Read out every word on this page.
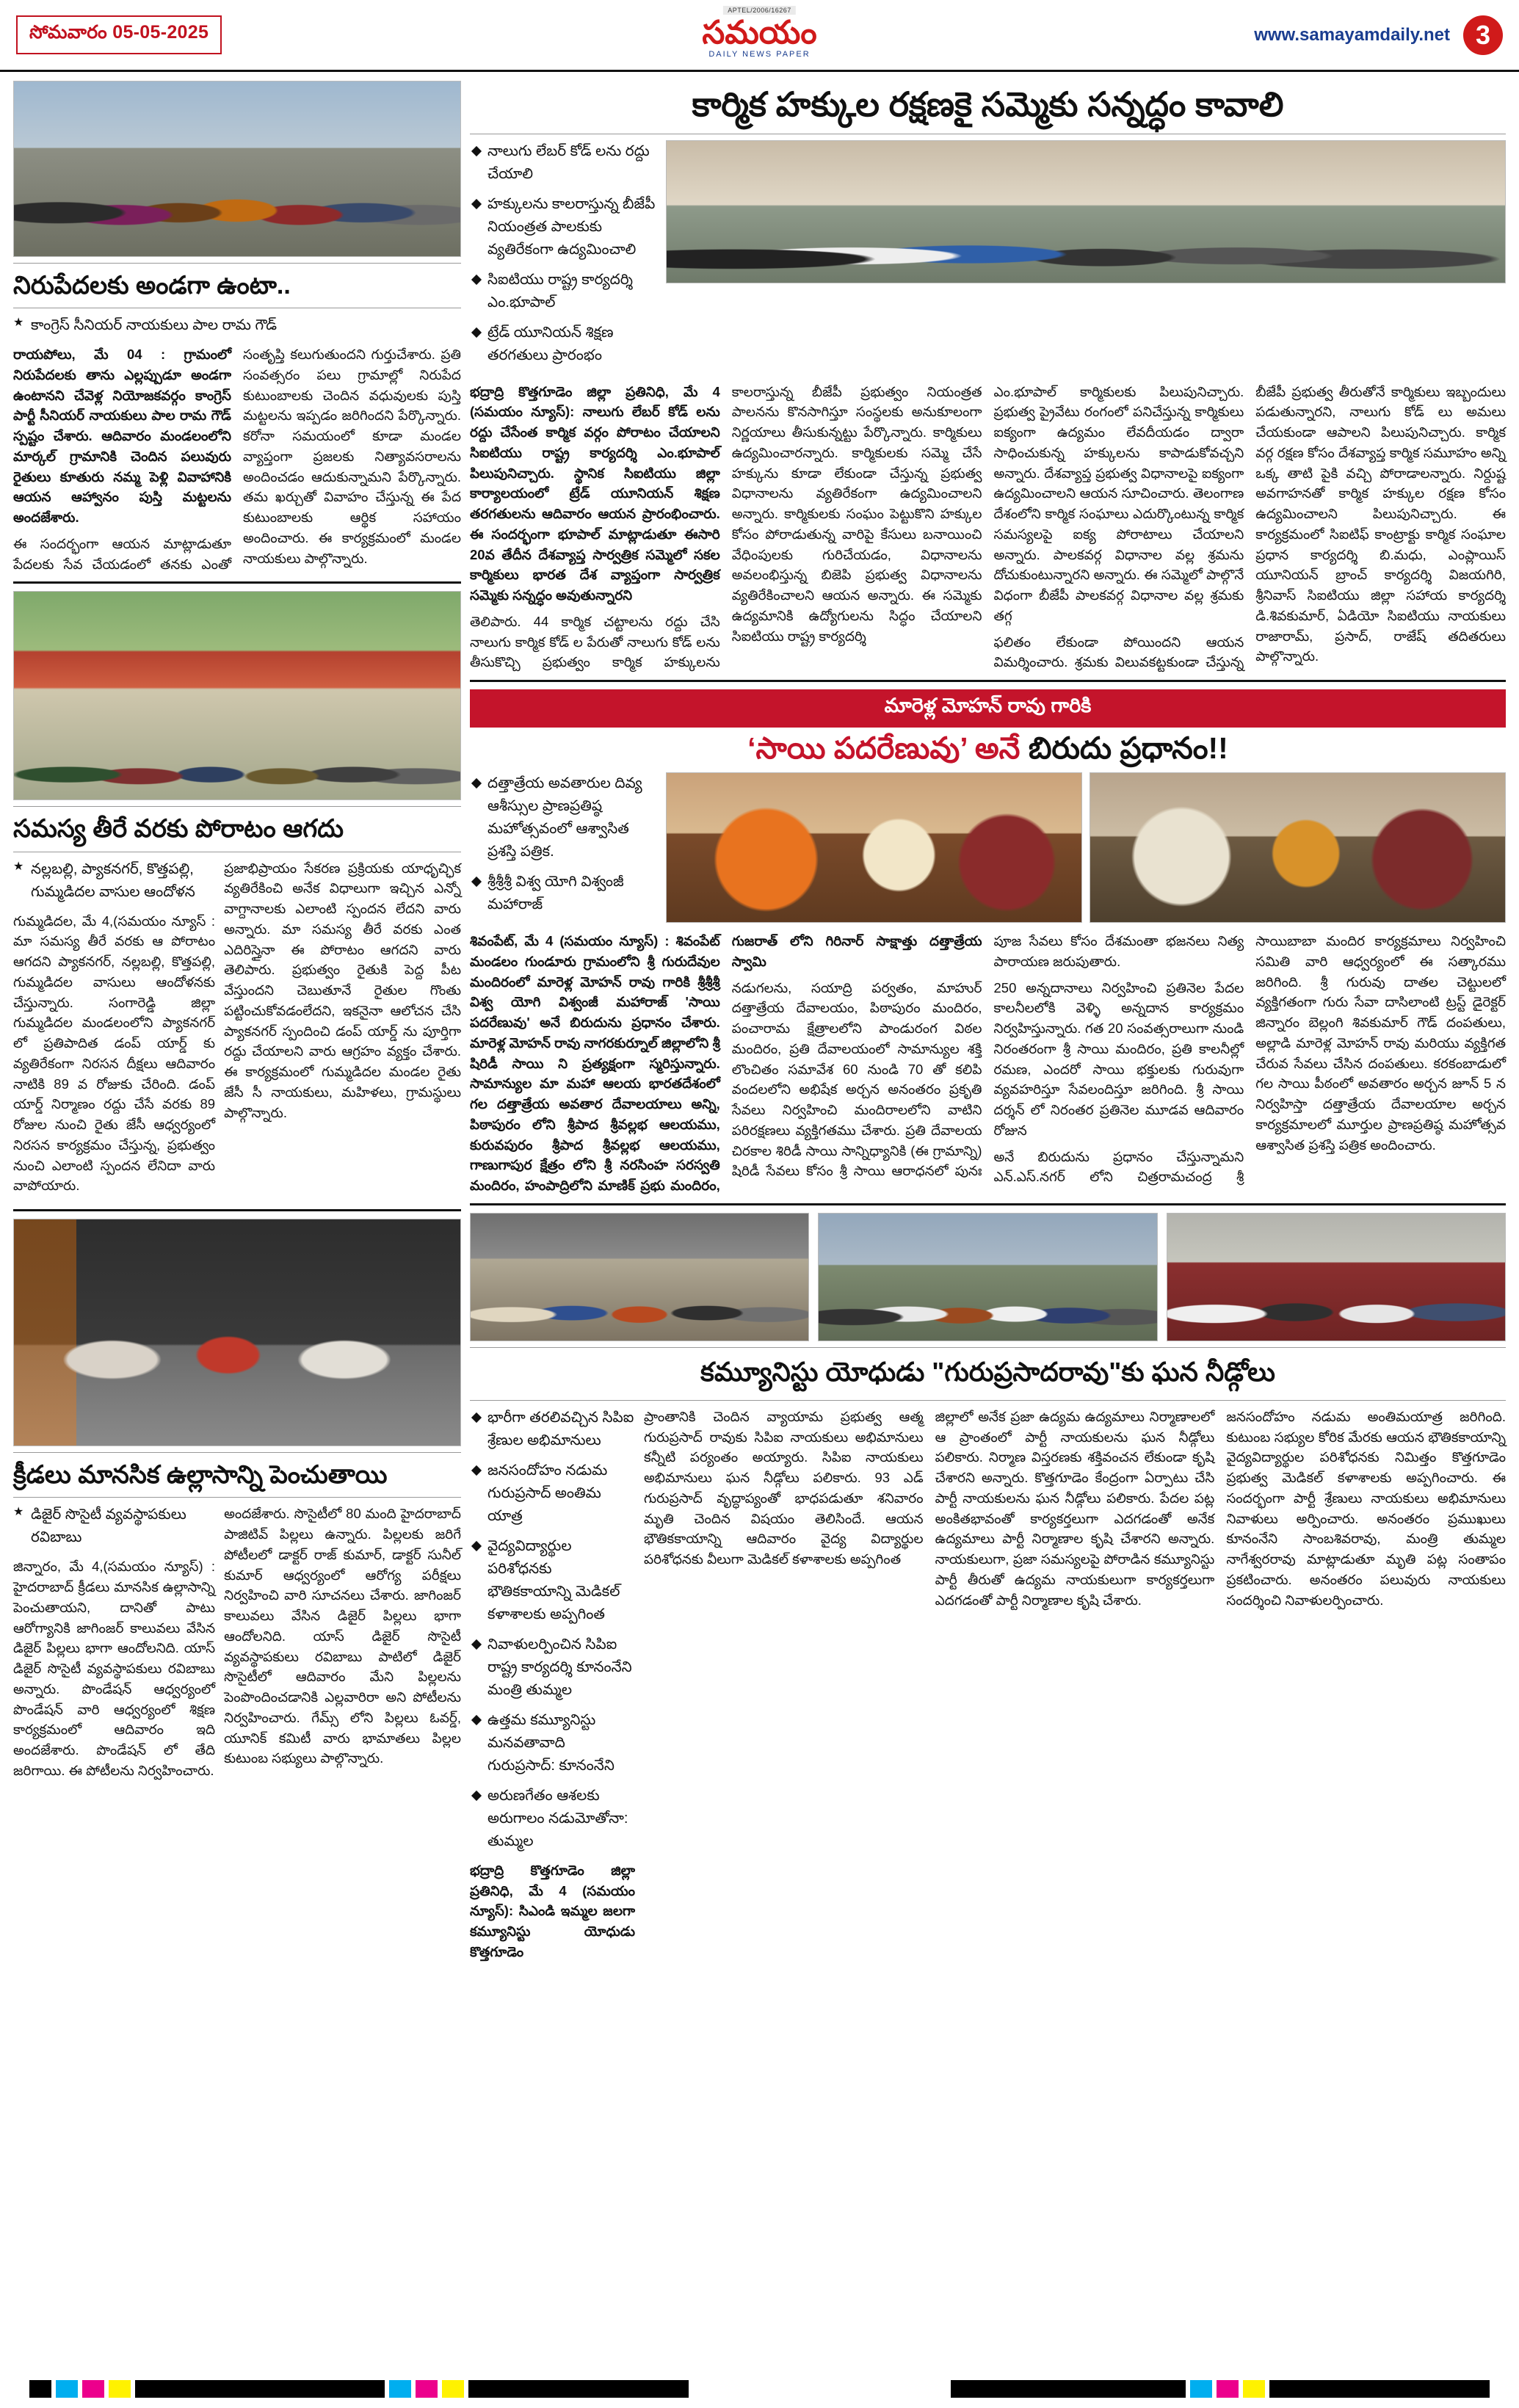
సోమవారం 05-05-2025
APTEL/2006/16267
సమయం
DAILY NEWS PAPER
www.samayamdaily.net 3
నిరుపేదలకు అండగా ఉంటా..
★ కాంగ్రెస్ సీనియర్ నాయకులు పాల రామ గౌడ్

రాయపోలు, మే 04 : గ్రామంలో నిరుపేదలకు తాను ఎల్లప్పుడూ అండగా ఉంటానని చేవెళ్ల నియోజకవర్గం కాంగ్రెస్ పార్టీ సీనియర్ నాయకులు పాల రామ గౌడ్ స్పష్టం చేశారు. ఆదివారం మండలంలోని మార్కల్ గ్రామానికి చెందిన పలువురు రైతులు కూతురు నమ్మ పెళ్లి వివాహానికి ఆయన ఆహ్వానం పుస్తి మట్టలను అందజేశారు.

ఈ సందర్భంగా ఆయన మాట్లాడుతూ పేదలకు సేవ చేయడంలో తనకు ఎంతో సంతృప్తి కలుగుతుందని గుర్తుచేశారు. ప్రతి సంవత్సరం పలు గ్రామాల్లో నిరుపేద కుటుంబాలకు చెందిన వధువులకు పుస్తి మట్టలను ఇప్పడం జరిగిందని పేర్కొన్నారు. కరోనా సమయంలో కూడా మండల వ్యాప్తంగా ప్రజలకు నిత్యావసరాలను అందించడం ఆదుకున్నామని పేర్కొన్నారు. తమ ఖర్చుతో వివాహం చేస్తున్న ఈ పేద కుటుంబాలకు ఆర్థిక సహాయం అందించారు. ఈ కార్యక్రమంలో మండల నాయకులు పాల్గొన్నారు.

సమస్య తీరే వరకు పోరాటం ఆగదు
★ నల్లబల్లి, ప్యాకనగర్, కొత్తపల్లి, గుమ్మడిదల వాసుల ఆందోళన

గుమ్మడిదల, మే 4,(సమయం న్యూస్ : మా సమస్య తీరే వరకు ఆ పోరాటం ఆగదని ప్యాకనగర్, నల్లబల్లి, కొత్తపల్లి, గుమ్మడిదల వాసులు ఆందోళనకు చేస్తున్నారు. సంగారెడ్డి జిల్లా గుమ్మడిదల మండలంలోని ప్యాకనగర్ లో ప్రతిపాదిత డంప్ యార్డ్ కు వ్యతిరేకంగా నిరసన దీక్షలు ఆదివారం నాటికి 89 వ రోజుకు చేరింది. డంప్ యార్డ్ నిర్మాణం రద్దు చేసే వరకు 89 రోజుల నుంచి రైతు జేసీ ఆధ్వర్యంలో నిరసన కార్యక్రమం చేస్తున్న, ప్రభుత్వం నుంచి ఎలాంటి స్పందన లేనిదా వారు వాపోయారు.

ప్రజాభిప్రాయం సేకరణ ప్రక్రియకు యాధృచ్ఛిక వ్యతిరేకించి అనేక విధాలుగా ఇచ్చిన ఎన్నో వాగ్దానాలకు ఎలాంటి స్పందన లేదని వారు అన్నారు. మా సమస్య తీరే వరకు ఎంత ఎదిరిస్తైనా ఈ పోరాటం ఆగదని వారు తెలిపారు. ప్రభుత్వం రైతుకి పెద్ద పీట వేస్తుందని చెబుతూనే రైతుల గొంతు పట్టించుకోవడంలేదని, ఇకనైనా ఆలోచన చేసి ప్యాకనగర్ స్పందించి డంప్ యార్డ్ ను పూర్తిగా రద్దు చేయాలని వారు ఆగ్రహం వ్యక్తం చేశారు. ఈ కార్యక్రమంలో గుమ్మడిదల మండల రైతు జేసీ సీ నాయకులు, మహిళలు, గ్రామస్థులు పాల్గొన్నారు.

క్రీడలు మానసిక ఉల్లాసాన్ని పెంచుతాయి
★ డిజైర్ సొసైటీ వ్యవస్థాపకులు రవిబాబు

జిన్నారం, మే 4,(సమయం న్యూస్) : హైదరాబాద్ క్రీడలు మానసిక ఉల్లాసాన్ని పెంచుతాయని, దానితో పాటు ఆరోగ్యానికి జాగింజర్ కాలువలు వేసిన డిజైర్ పిల్లలు భాగా ఆందోలనిది. యాస్ డిజైర్ సొసైటీ వ్యవస్థాపకులు రవిబాబు అన్నారు. పొండేషన్ ఆధ్వర్యంలో పొండేషన్ వారి ఆధ్వర్యంలో శిక్షణ కార్యక్రమంలో ఆదివారం ఇది అందజేశారు. పొండేషన్ లో తేది జరిగాయి. ఈ పోటీలను నిర్వహించారు.

అందజేశారు. సొసైటీలో 80 మంది హైదరాబాద్ పాజిటివ్ పిల్లలు ఉన్నారు. పిల్లలకు జరిగే పోటీలలో డాక్టర్ రాజ్ కుమార్, డాక్టర్ సునీల్ కుమార్ ఆధ్వర్యంలో ఆరోగ్య పరీక్షలు నిర్వహించి వారి సూచనలు చేశారు. జాగింజర్ కాలువలు వేసిన డిజైర్ పిల్లలు భాగా ఆందోలనిది. యాస్ డిజైర్ సొసైటీ వ్యవస్థాపకులు రవిబాబు పాటిలో డిజైర్ సొసైటీలో ఆదివారం మేని పిల్లలను పెంపొందించడానికి ఎల్లవారిరా అని పోటీలను నిర్వహించారు. గేమ్స్ లోని పిల్లలు ఓవర్డ్, యూనిక్ కమిటీ వారు భామాతలు పిల్లల కుటుంబ సభ్యులు పాల్గొన్నారు.

కార్మిక హక్కుల రక్షణకై సమ్మెకు సన్నద్ధం కావాలి
నాలుగు లేబర్ కోడ్ లను రద్దు చేయాలి
హక్కులను కాలరాస్తున్న బీజేపీ నియంత్రత పాలకుకు వ్యతిరేకంగా ఉద్యమించాలి
సిఐటియు రాష్ట్ర కార్యదర్శి ఎం.భూపాల్
ట్రేడ్ యూనియన్ శిక్షణ తరగతులు ప్రారంభం

భద్రాద్రి కొత్తగూడెం జిల్లా ప్రతినిధి, మే 4 (సమయం న్యూస్): నాలుగు లేబర్ కోడ్ లను రద్దు చేసేంత కార్మిక వర్గం పోరాటం చేయాలని సిఐటియు రాష్ట్ర కార్యదర్శి ఎం.భూపాల్ పిలుపునిచ్చారు. స్థానిక సిఐటియు జిల్లా కార్యాలయంలో ట్రేడ్ యూనియన్ శిక్షణ తరగతులను ఆదివారం ఆయన ప్రారంభించారు. ఈ సందర్భంగా భూపాల్ మాట్లాడుతూ ఈసారి 20వ తేదీన దేశవ్యాప్త సార్వత్రిక సమ్మెలో సకల కార్మికులు భారత దేశ వ్యాప్తంగా సార్వత్రిక సమ్మెకు సన్నద్ధం అవుతున్నారని

తెలిపారు. 44 కార్మిక చట్టాలను రద్దు చేసి నాలుగు కార్మిక కోడ్ ల పేరుతో నాలుగు కోడ్ లను తీసుకొచ్చి ప్రభుత్వం కార్మిక హక్కులను కాలరాస్తున్న బీజేపీ ప్రభుత్వం నియంత్రత పాలనను కొనసాగిస్తూ సంస్థలకు అనుకూలంగా నిర్ణయాలు తీసుకున్నట్టు పేర్కొన్నారు. కార్మికులు ఉద్యమించారన్నారు. కార్మికులకు సమ్మె చేసే హక్కును కూడా లేకుండా చేస్తున్న ప్రభుత్వ విధానాలను వ్యతిరేకంగా ఉద్యమించాలని అన్నారు. కార్మికులకు సంఘం పెట్టుకొని హక్కుల కోసం పోరాడుతున్న వారిపై కేసులు బనాయించి వేధింపులకు గురిచేయడం, విధానాలను అవలంభిస్తున్న బిజెపి ప్రభుత్వ విధానాలను వ్యతిరేకించాలని ఆయన అన్నారు. ఈ సమ్మెకు ఉద్యమానికి ఉద్యోగులను సిద్ధం చేయాలని సిఐటియు రాష్ట్ర కార్యదర్శి

ఎం.భూపాల్ కార్మికులకు పిలుపునిచ్చారు. ప్రభుత్వ ప్రైవేటు రంగంలో పనిచేస్తున్న కార్మికులు ఐక్యంగా ఉద్యమం లేవదీయడం ద్వారా సాధించుకున్న హక్కులను కాపాడుకోవచ్చని అన్నారు. దేశవ్యాప్త ప్రభుత్వ విధానాలపై ఐక్యంగా ఉద్యమించాలని ఆయన సూచించారు. తెలంగాణ దేశంలోని కార్మిక సంఘాలు ఎదుర్కొంటున్న కార్మిక సమస్యలపై ఐక్య పోరాటాలు చేయాలని అన్నారు. పాలకవర్గ విధానాల వల్ల శ్రమను దోచుకుంటున్నారని అన్నారు. ఈ సమ్మెలో పాల్గొనే విధంగా బీజేపీ పాలకవర్గ విధానాల వల్ల శ్రమకు తగ్గ

ఫలితం లేకుండా పోయిందని ఆయన విమర్శించారు. శ్రమకు విలువకట్టకుండా చేస్తున్న బీజేపీ ప్రభుత్వ తీరుతోనే కార్మికులు ఇబ్బందులు పడుతున్నారని, నాలుగు కోడ్ లు అమలు చేయకుండా ఆపాలని పిలుపునిచ్చారు. కార్మిక వర్గ రక్షణ కోసం దేశవ్యాప్త కార్మిక సమూహం అన్ని ఒక్క తాటి పైకి వచ్చి పోరాడాలన్నారు. నిర్దుష్ట అవగాహనతో కార్మిక హక్కుల రక్షణ కోసం ఉద్యమించాలని పిలుపునిచ్చారు. ఈ కార్యక్రమంలో సిఐటిఫ్ కాంట్రాక్టు కార్మిక సంఘాల ప్రధాన కార్యదర్శి బి.మధు, ఎంప్లాయిస్ యూనియన్ బ్రాంచ్ కార్యదర్శి విజయగిరి, శ్రీనివాస్ సిఐటియు జిల్లా సహాయ కార్యదర్శి డి.శివకుమార్, ఏడియో సిఐటియు నాయకులు రాజారామ్, ప్రసాద్, రాజేష్ తదితరులు పాల్గొన్నారు.

మారెళ్ల మోహన్ రావు గారికి
‘సాయి పదరేణువు’ అనే బిరుదు ప్రధానం!!
దత్తాత్రేయ అవతారుల దివ్య ఆశీస్సుల ప్రాణప్రతిష్ఠ మహోత్సవంలో ఆశ్వాసిత ప్రశస్తి పత్రిక.
శ్రీశ్రీశ్రీ విశ్వ యోగి విశ్వంజీ మహారాజ్

శివంపేట్, మే 4 (సమయం న్యూస్) : శివంపేట్ మండలం గుండూరు గ్రామంలోని శ్రీ గురుదేవుల మందిరంలో మారెళ్ల మోహన్ రావు గారికి శ్రీశ్రీశ్రీ విశ్వ యోగి విశ్వంజీ మహారాజ్ 'సాయి పదరేణువు' అనే బిరుదును ప్రధానం చేశారు. మారెళ్ల మోహన్ రావు నాగరకుర్నూల్ జిల్లాలోని శ్రీ షిరిడీ సాయి ని ప్రత్యక్షంగా స్మరిస్తున్నారు. సామాన్యుల మా మహా ఆలయ భారతదేశంలో గల దత్తాత్రేయ అవతార దేవాలయాలు అన్ని, పిఠాపురం లోని శ్రీపాద శ్రీవల్లభ ఆలయము, కురువపురం శ్రీపాద శ్రీవల్లభ ఆలయము, గాణుగాపుర క్షేత్రం లోని శ్రీ నరసింహ సరస్వతి మందిరం, హంపాద్రిలోని మాణిక్ ప్రభు మందిరం, గుజరాత్ లోని గిరినార్ సాక్షాత్తు దత్తాత్రేయ స్వామి

నడుగలను, సయాద్రి పర్వతం, మాహుర్ దత్తాత్రేయ దేవాలయం, పిఠాపురం మందిరం, పంచారామ క్షేత్రాలలోని పాండురంగ విఠల మందిరం, ప్రతి దేవాలయంలో సామాన్యుల శక్తి లొంచితం సమావేశ 60 నుండి 70 తో కలిపి వందలలోని అభిషేక అర్చన అనంతరం ప్రకృతి సేవలు నిర్వహించి మందిరాలలోని వాటిని పరిరక్షణలు వ్యక్తిగతము చేశారు. ప్రతి దేవాలయ చిరకాల శిరిడీ సాయి సాన్నిధ్యానికి (ఈ గ్రామాన్ని) షిరిడీ సేవలు కోసం శ్రీ సాయి ఆరాధనలో పునః పూజ సేవలు కోసం దేశమంతా భజనలు నిత్య పారాయణ జరుపుతారు.

250 అన్నదానాలు నిర్వహించి ప్రతినెల పేదల కాలనీలలోకి వెళ్ళి అన్నదాన కార్యక్రమం నిర్వహిస్తున్నారు. గత 20 సంవత్సరాలుగా నుండి నిరంతరంగా శ్రీ సాయి మందిరం, ప్రతి కాలనీల్లో రమణ, ఎందరో సాయి భక్తులకు గురువుగా వ్యవహరిస్తూ సేవలందిస్తూ జరిగింది. శ్రీ సాయి దర్శన్ లో నిరంతర ప్రతినెల మూడవ ఆదివారం రోజున

అనే బిరుదును ప్రధానం చేస్తున్నామని ఎన్.ఎస్.నగర్ లోని చిత్రరామచంద్ర శ్రీ సాయిబాబా మందిర కార్యక్రమాలు నిర్వహించి సమితి వారి ఆధ్వర్యంలో ఈ సత్కారము జరిగింది. శ్రీ గురువు దాతల చెట్టులలో వ్యక్తిగతంగా గురు సేవా దాసిలాంటి ట్రస్ట్ డైరెక్టర్ జిన్నారం బెల్లంగి శివకుమార్ గౌడ్ దంపతులు, అల్లాడి మారెళ్ల మోహన్ రావు మరియు వ్యక్తిగత చేరువ సేవలు చేసిన దంపతులు. కరకంబాడులో గల సాయి పీఠంలో అవతారం అర్చన జూన్ 5 న నిర్వహిస్తా దత్తాత్రేయ దేవాలయాల అర్చన కార్యక్రమాలలో మూర్తుల ప్రాణప్రతిష్ఠ మహోత్సవ ఆశ్వాసిత ప్రశస్తి పత్రిక అందించారు.

కమ్యూనిస్టు యోధుడు "గురుప్రసాదరావు"కు ఘన నీడ్గోలు
భారీగా తరలివచ్చిన సిపిఐ శ్రేణుల అభిమానులు
జనసందోహం నడుమ గురుప్రసాద్ అంతిమ యాత్ర
వైద్యవిద్యార్థుల పరిశోధనకు భౌతికకాయాన్ని మెడికల్ కళాశాలకు అప్పగింత
నివాళులర్పించిన సిపిఐ రాష్ట్ర కార్యదర్శి కూనంనేని మంత్రి తుమ్మల
ఉత్తమ కమ్యూనిస్టు మనవతావాది గురుప్రసాద్: కూనంనేని
అరుణగేతం ఆశలకు అరుగాలం నడుమోతోనా: తుమ్మల

భద్రాద్రి కొత్తగూడెం జిల్లా ప్రతినిధి, మే 4 (సమయం న్యూస్): సిఎండి ఇమ్మల జలగా కమ్యూనిస్టు యోధుడు కొత్తగూడెం

ప్రాంతానికి చెందిన వ్యాయామ ప్రభుత్వ ఆత్మ గురుప్రసాద్ రావుకు సిపిఐ నాయకులు అభిమానులు కన్నీటి పర్యంతం అయ్యారు. సిపిఐ నాయకులు అభిమానులు ఘన నీడ్గోలు పలికారు. 93 ఎడ్ గురుప్రసాద్ వృద్ధాప్యంతో భాధపడుతూ శనివారం మృతి చెందిన విషయం తెలిసిందే. ఆయన భౌతికకాయాన్ని ఆదివారం వైద్య విద్యార్థుల పరిశోధనకు వీలుగా మెడికల్ కళాశాలకు అప్పగింత

జిల్లాలో అనేక ప్రజా ఉద్యమ ఉద్యమాలు నిర్మాణాలలో ఆ ప్రాంతంలో పార్టీ నాయకులను ఘన నీడ్గోలు పలికారు. నిర్మాణ విస్తరణకు శక్తివంచన లేకుండా కృషి చేశారని అన్నారు. కొత్తగూడెం కేంద్రంగా ఏర్పాటు చేసి పార్టీ నాయకులను ఘన నీడ్గోలు పలికారు. పేదల పట్ల అంకితభావంతో కార్యకర్తలుగా ఎదగడంతో అనేక ఉద్యమాలు పార్టీ నిర్మాణాల కృషి చేశారని అన్నారు. నాయకులుగా, ప్రజా సమస్యలపై పోరాడిన కమ్యూనిస్టు పార్టీ తీరుతో ఉద్యమ నాయకులుగా కార్యకర్తలుగా ఎదగడంతో పార్టీ నిర్మాణాల కృషి చేశారు.

జనసందోహం నడుమ అంతిమయాత్ర జరిగింది. కుటుంబ సభ్యుల కోరిక మేరకు ఆయన భౌతికకాయాన్ని వైద్యవిద్యార్థుల పరిశోధనకు నిమిత్తం కొత్తగూడెం ప్రభుత్వ మెడికల్ కళాశాలకు అప్పగించారు. ఈ సందర్భంగా పార్టీ శ్రేణులు నాయకులు అభిమానులు నివాళులు అర్పించారు. అనంతరం ప్రముఖులు కూనంనేని సాంబశివరావు, మంత్రి తుమ్మల నాగేశ్వరరావు మాట్లాడుతూ మృతి పట్ల సంతాపం ప్రకటించారు. అనంతరం పలువురు నాయకులు సందర్శించి నివాళులర్పించారు.
